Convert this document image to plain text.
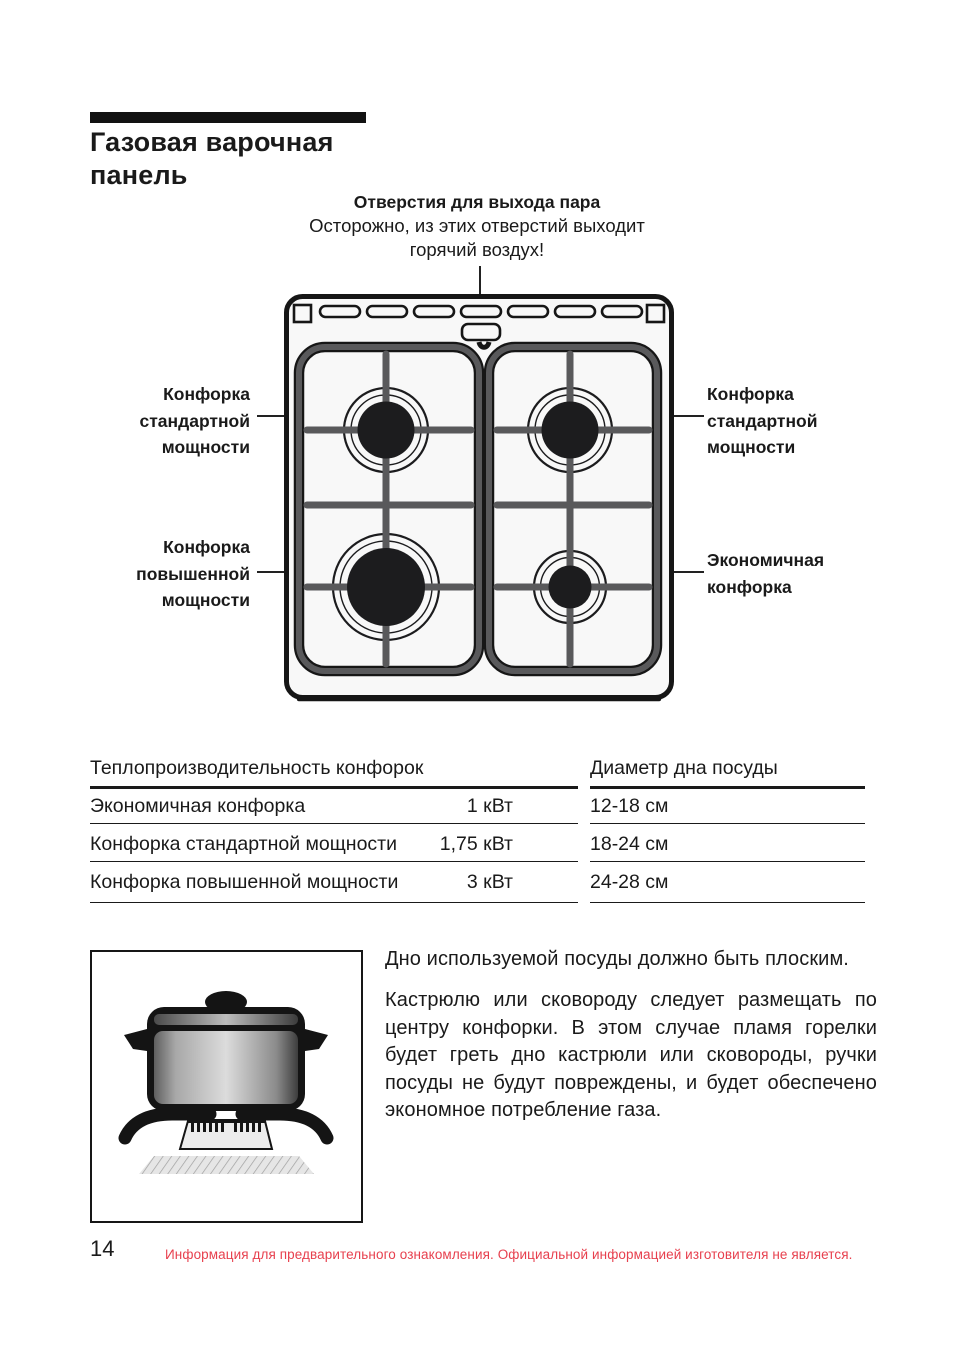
Газовая варочная
панель
Отверстия для выхода пара
Осторожно, из этих отверстий выходит
горячий воздух!
Конфорка
стандартной
мощности
Конфорка
повышенной
мощности
Конфорка
стандартной
мощности
Экономичная
конфорка
Теплопроизводительность конфорок	Диаметр дна посуды
Экономичная конфорка	1 кВт	12-18 см
Конфорка стандартной мощности	1,75 кВт	18-24 см
Конфорка повышенной мощности	3 кВт	24-28 см

Дно используемой посуды должно быть плоским.

Кастрюлю или сковороду следует размещать по центру конфорки. В этом случае пламя горелки будет греть дно кастрюли или сковороды, ручки посуды не будут повреждены, и будет обеспечено экономное потребление газа.

14	Информация для предварительного ознакомления. Официальной информацией изготовителя не является.
